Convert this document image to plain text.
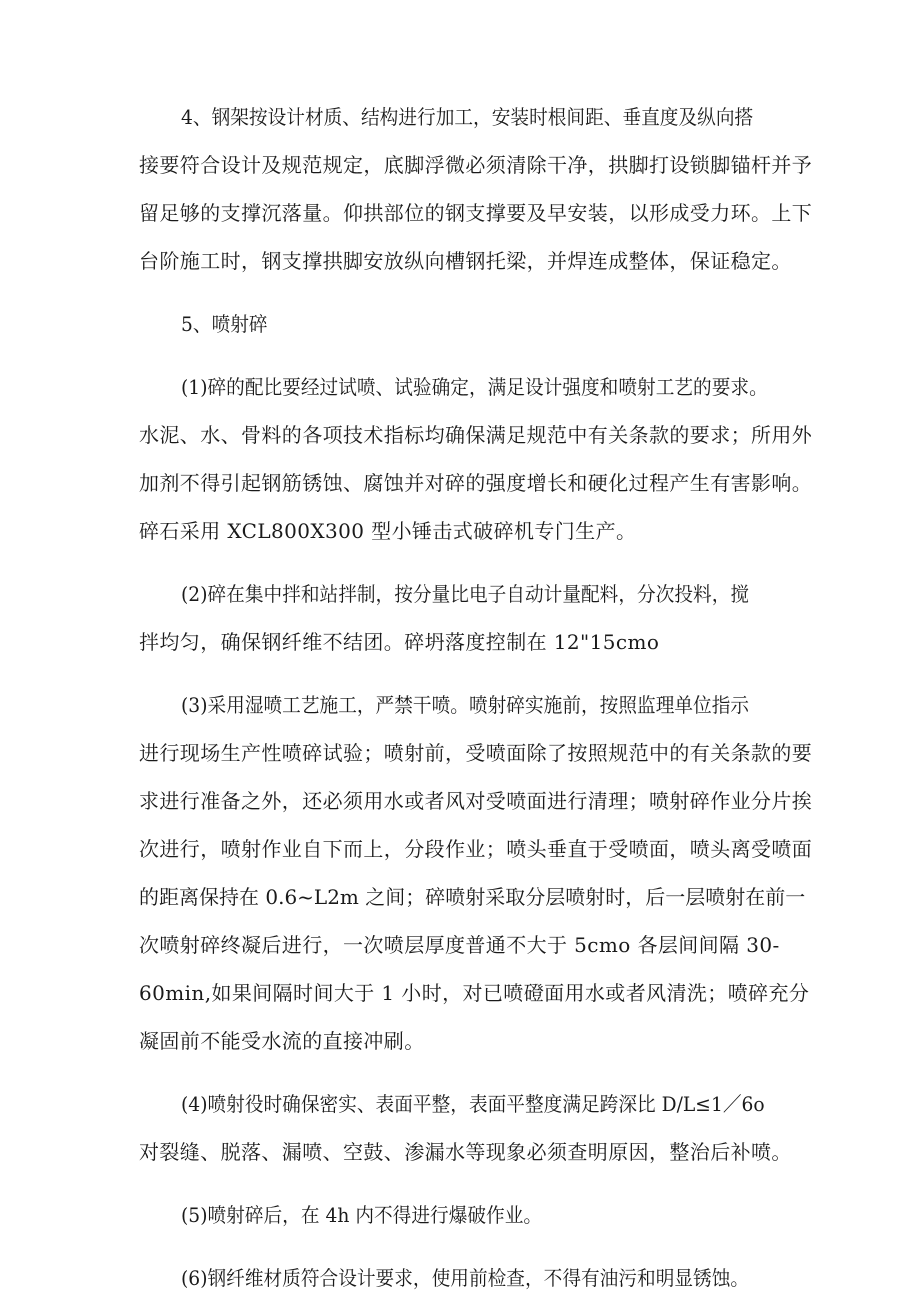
4、钢架按设计材质、结构进行加工，安装时根间距、垂直度及纵向搭
接要符合设计及规范规定，底脚浮微必须清除干净，拱脚打设锁脚锚杆并予
留足够的支撑沉落量。仰拱部位的钢支撑要及早安装，以形成受力环。上下
台阶施工时，钢支撑拱脚安放纵向槽钢托梁，并焊连成整体，保证稳定。

5、喷射碎

(1)碎的配比要经过试喷、试验确定，满足设计强度和喷射工艺的要求。
水泥、水、骨料的各项技术指标均确保满足规范中有关条款的要求；所用外
加剂不得引起钢筋锈蚀、腐蚀并对碎的强度增长和硬化过程产生有害影响。
碎石采用 XCL800X300 型小锤击式破碎机专门生产。

(2)碎在集中拌和站拌制，按分量比电子自动计量配料，分次投料，搅
拌均匀，确保钢纤维不结团。碎坍落度控制在 12"15cmo

(3)采用湿喷工艺施工，严禁干喷。喷射碎实施前，按照监理单位指示
进行现场生产性喷碎试验；喷射前，受喷面除了按照规范中的有关条款的要
求进行准备之外，还必须用水或者风对受喷面进行清理；喷射碎作业分片挨
次进行，喷射作业自下而上，分段作业；喷头垂直于受喷面，喷头离受喷面
的距离保持在 0.6~L2m 之间；碎喷射采取分层喷射时，后一层喷射在前一
次喷射碎终凝后进行，一次喷层厚度普通不大于 5cmo 各层间间隔 30-
60min,如果间隔时间大于 1 小时，对已喷磴面用水或者风清洗；喷碎充分
凝固前不能受水流的直接冲刷。

(4)喷射役时确保密实、表面平整，表面平整度满足跨深比 D/L≤1／6o
对裂缝、脱落、漏喷、空鼓、渗漏水等现象必须查明原因，整治后补喷。

(5)喷射碎后，在 4h 内不得进行爆破作业。

(6)钢纤维材质符合设计要求，使用前检查，不得有油污和明显锈蚀。
